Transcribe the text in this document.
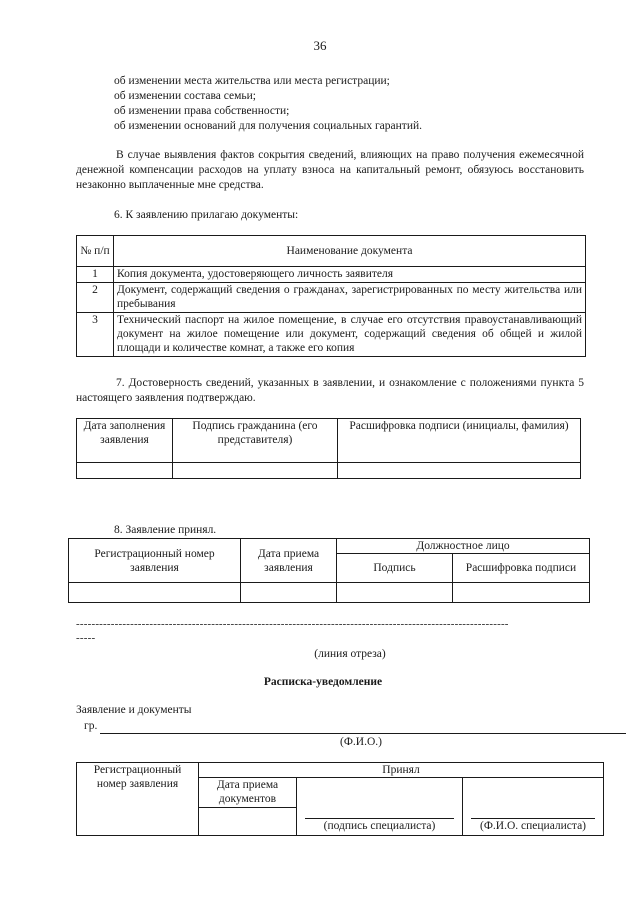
36
об изменении места жительства или места регистрации;
об изменении состава семьи;
об изменении права собственности;
об изменении оснований для получения социальных гарантий.

В случае выявления фактов сокрытия сведений, влияющих на право получения ежемесячной денежной компенсации расходов на уплату взноса на капитальный ремонт, обязуюсь восстановить незаконно выплаченные мне средства.

6. К заявлению прилагаю документы:
№ п/п	Наименование документа
1	Копия документа, удостоверяющего личность заявителя
2	Документ, содержащий сведения о гражданах, зарегистрированных по месту жительства или пребывания
3	Технический паспорт на жилое помещение, в случае его отсутствия правоустанавливающий документ на жилое помещение или документ, содержащий сведения об общей и жилой площади и количестве комнат, а также его копия

7. Достоверность сведений, указанных в заявлении, и ознакомление с положениями пункта 5 настоящего заявления подтверждаю.

Дата заполнения заявления	Подпись гражданина (его представителя)	Расшифровка подписи (инициалы, фамилия)

8. Заявление принял.
Регистрационный номер заявления	Дата приема заявления	Должностное лицо	
		Подпись	Расшифровка подписи

----------------------------------------------------------------------------------------------------------------
-----
(линия отреза)
Расписка-уведомление
Заявление и документы
гр.
(Ф.И.О.)
Регистрационный номер заявления	Принял		
	Дата приема документов	(подпись специалиста)	(Ф.И.О. специалиста)
